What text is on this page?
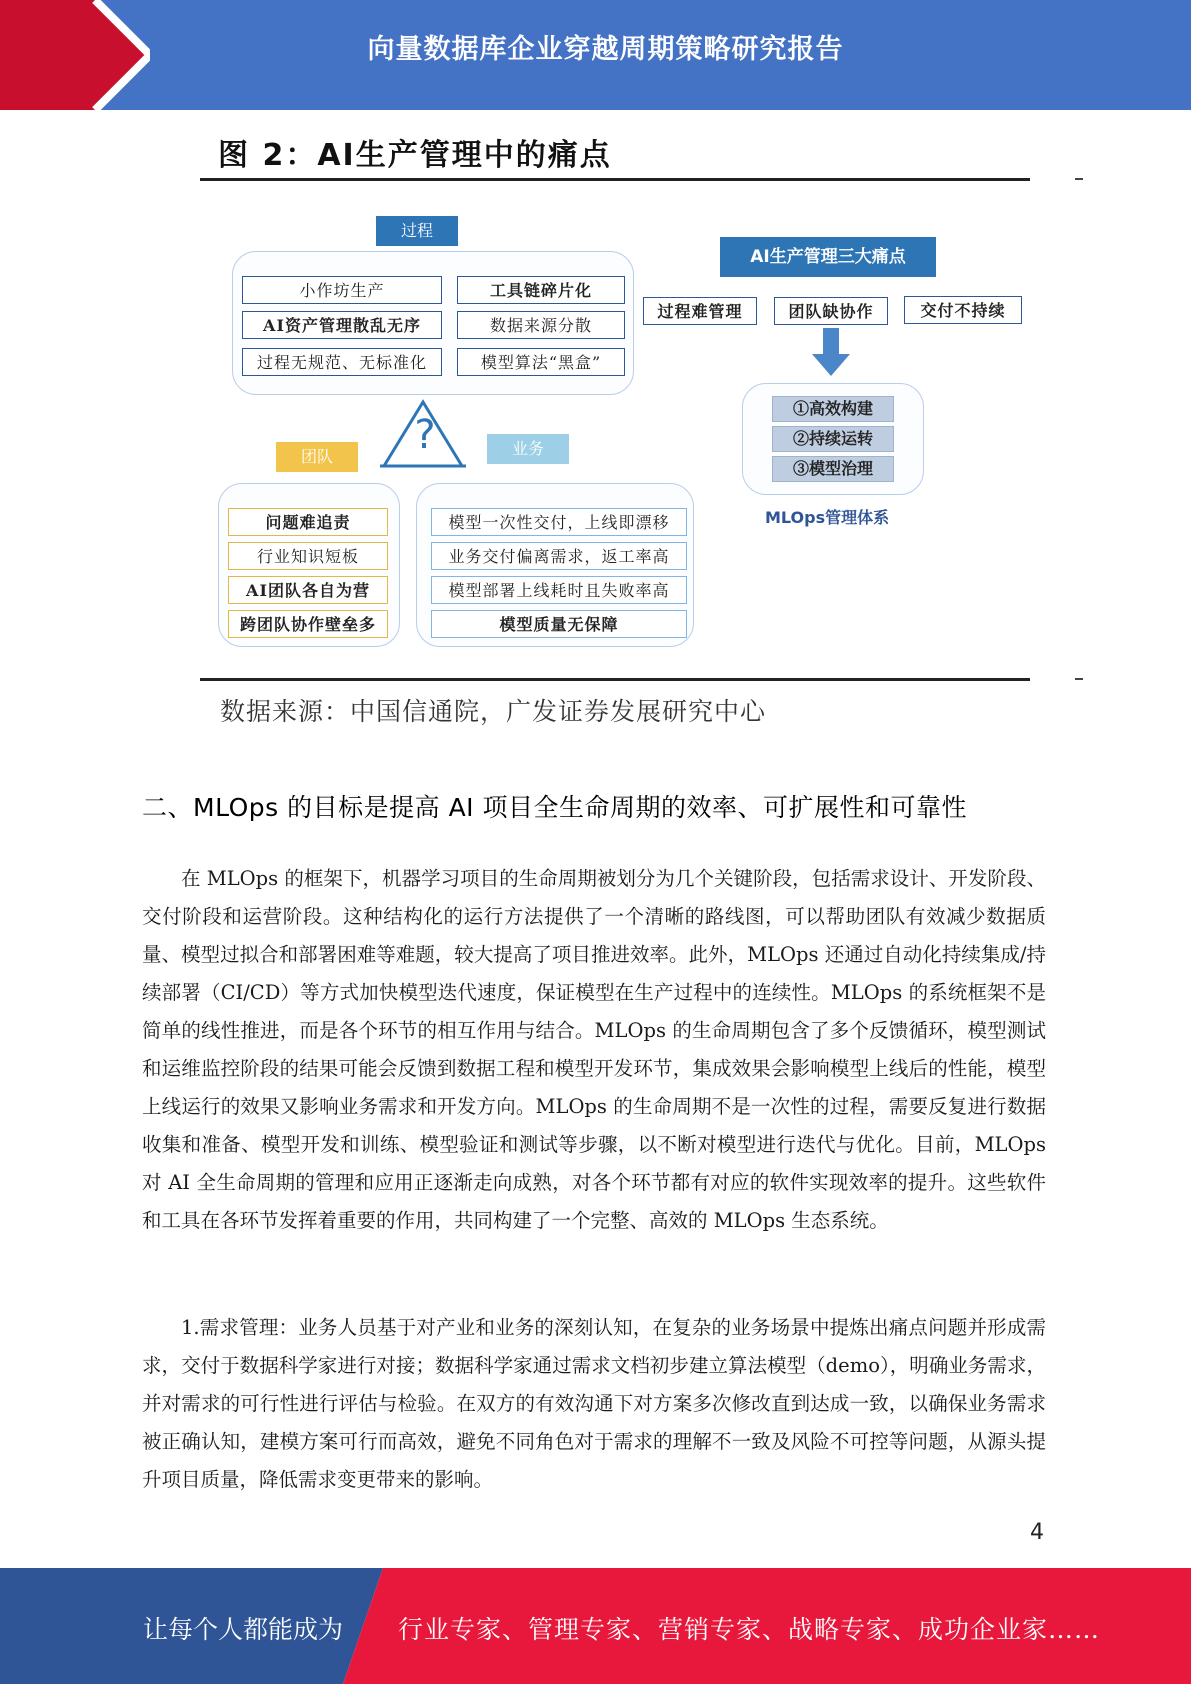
向量数据库企业穿越周期策略研究报告
图 2：AI生产管理中的痛点
过程
小作坊生产	工具链碎片化
AI资产管理散乱无序	数据来源分散
过程无规范、无标准化	模型算法“黑盒”
?
团队
问题难追责
行业知识短板
AI团队各自为营
跨团队协作壁垒多
业务
模型一次性交付，上线即漂移
业务交付偏离需求，返工率高
模型部署上线耗时且失败率高
模型质量无保障
AI生产管理三大痛点
过程难管理	团队缺协作	交付不持续
①高效构建
②持续运转
③模型治理
MLOps管理体系
数据来源：中国信通院，广发证券发展研究中心
二、MLOps 的目标是提高 AI 项目全生命周期的效率、可扩展性和可靠性
在 MLOps 的框架下，机器学习项目的生命周期被划分为几个关键阶段，包括需求设计、开发阶段、交付阶段和运营阶段。这种结构化的运行方法提供了一个清晰的路线图，可以帮助团队有效减少数据质量、模型过拟合和部署困难等难题，较大提高了项目推进效率。此外，MLOps 还通过自动化持续集成/持续部署（CI/CD）等方式加快模型迭代速度，保证模型在生产过程中的连续性。MLOps 的系统框架不是简单的线性推进，而是各个环节的相互作用与结合。MLOps 的生命周期包含了多个反馈循环，模型测试和运维监控阶段的结果可能会反馈到数据工程和模型开发环节，集成效果会影响模型上线后的性能，模型上线运行的效果又影响业务需求和开发方向。MLOps 的生命周期不是一次性的过程，需要反复进行数据收集和准备、模型开发和训练、模型验证和测试等步骤，以不断对模型进行迭代与优化。目前，MLOps 对 AI 全生命周期的管理和应用正逐渐走向成熟，对各个环节都有对应的软件实现效率的提升。这些软件和工具在各环节发挥着重要的作用，共同构建了一个完整、高效的 MLOps 生态系统。
1.需求管理：业务人员基于对产业和业务的深刻认知，在复杂的业务场景中提炼出痛点问题并形成需求，交付于数据科学家进行对接；数据科学家通过需求文档初步建立算法模型（demo），明确业务需求，并对需求的可行性进行评估与检验。在双方的有效沟通下对方案多次修改直到达成一致，以确保业务需求被正确认知，建模方案可行而高效，避免不同角色对于需求的理解不一致及风险不可控等问题，从源头提升项目质量，降低需求变更带来的影响。
4
让每个人都能成为 行业专家、管理专家、营销专家、战略专家、成功企业家……
